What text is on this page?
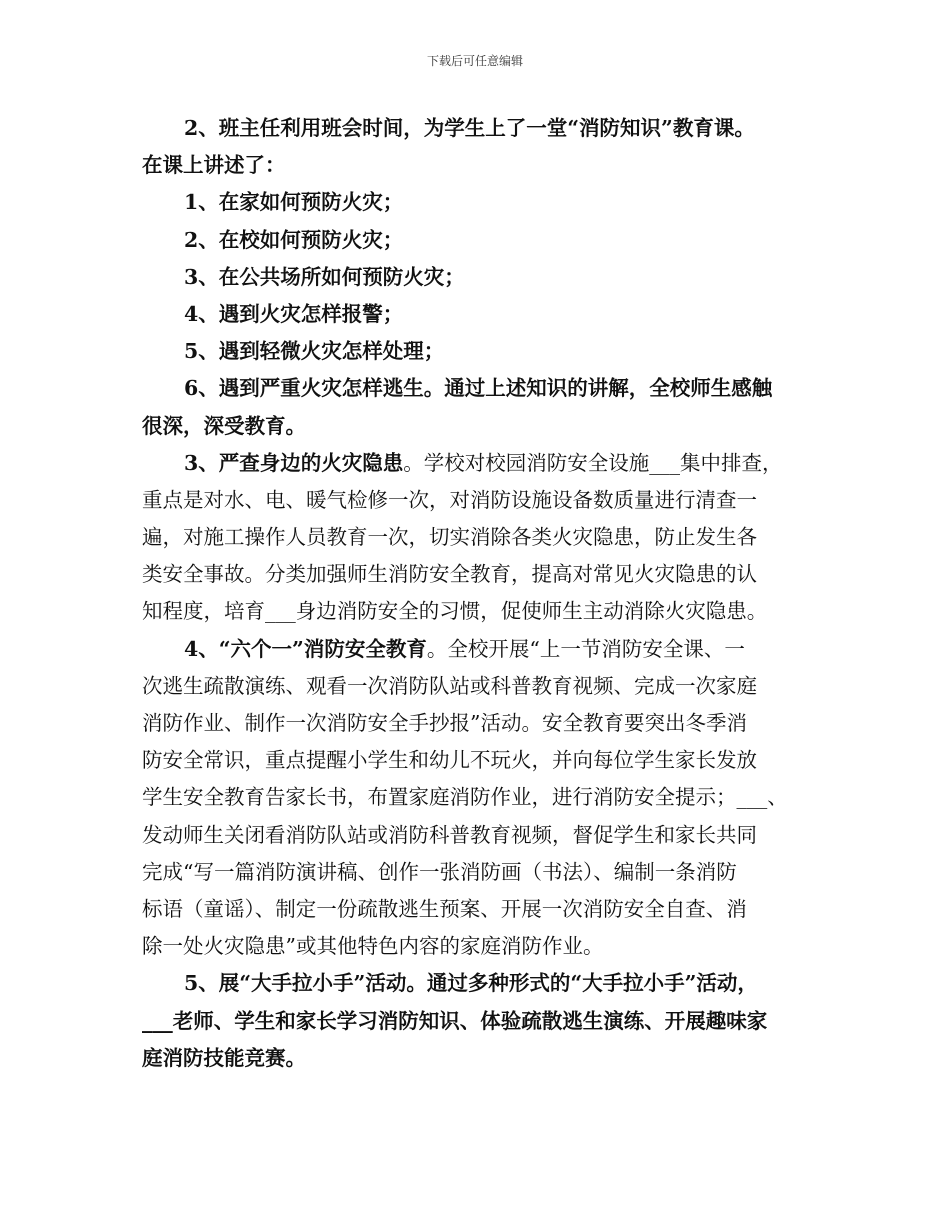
下载后可任意编辑
2、班主任利用班会时间，为学生上了一堂“消防知识”教育课。
在课上讲述了：
1、在家如何预防火灾；
2、在校如何预防火灾；
3、在公共场所如何预防火灾；
4、遇到火灾怎样报警；
5、遇到轻微火灾怎样处理；
6、遇到严重火灾怎样逃生。通过上述知识的讲解，全校师生感触
很深，深受教育。
3、严查身边的火灾隐患。学校对校园消防安全设施___集中排查，
重点是对水、电、暖气检修一次，对消防设施设备数质量进行清查一
遍，对施工操作人员教育一次，切实消除各类火灾隐患，防止发生各
类安全事故。分类加强师生消防安全教育，提高对常见火灾隐患的认
知程度，培育___身边消防安全的习惯，促使师生主动消除火灾隐患。
4、“六个一”消防安全教育。全校开展“上一节消防安全课、一
次逃生疏散演练、观看一次消防队站或科普教育视频、完成一次家庭
消防作业、制作一次消防安全手抄报”活动。安全教育要突出冬季消
防安全常识，重点提醒小学生和幼儿不玩火，并向每位学生家长发放
学生安全教育告家长书，布置家庭消防作业，进行消防安全提示；___、
发动师生关闭看消防队站或消防科普教育视频，督促学生和家长共同
完成“写一篇消防演讲稿、创作一张消防画（书法）、编制一条消防
标语（童谣）、制定一份疏散逃生预案、开展一次消防安全自查、消
除一处火灾隐患”或其他特色内容的家庭消防作业。
5、展“大手拉小手”活动。通过多种形式的“大手拉小手”活动，
___老师、学生和家长学习消防知识、体验疏散逃生演练、开展趣味家
庭消防技能竞赛。
